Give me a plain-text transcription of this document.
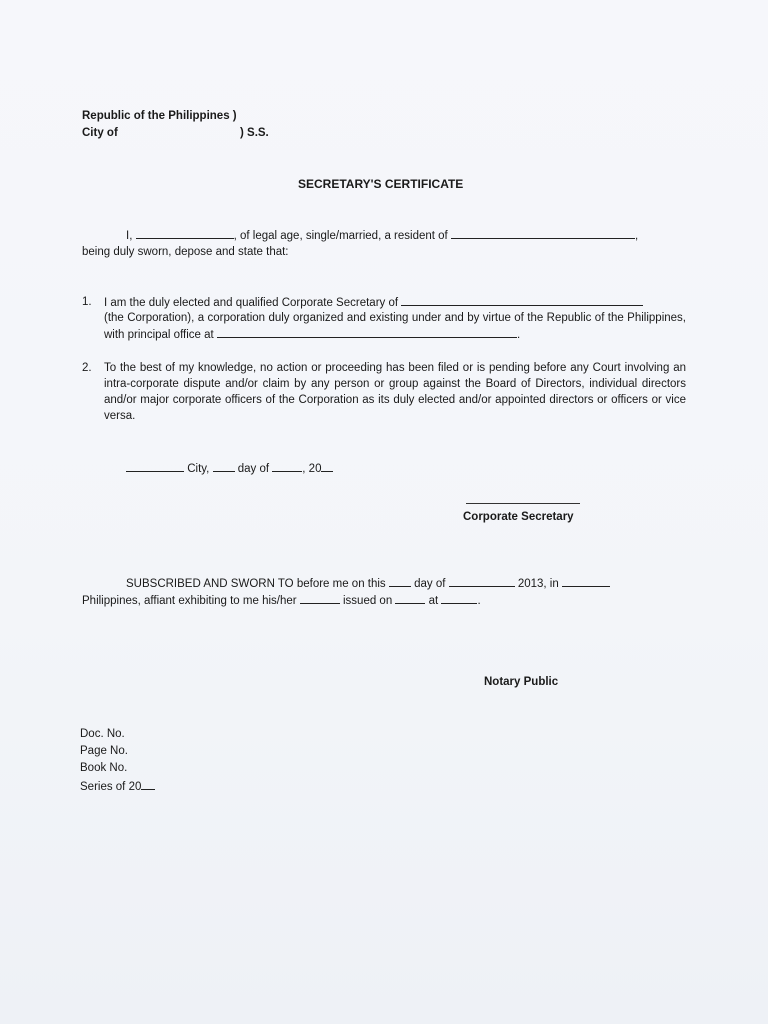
Republic of the Philippines )
City of	) S.S.
SECRETARY'S CERTIFICATE
I,	, of legal age, single/married, a resident of	,
being duly sworn, depose and state that:
1. I am the duly elected and qualified Corporate Secretary of
(the Corporation), a corporation duly organized and existing under and by virtue of the Republic of the Philippines, with principal office at	.
2. To the best of my knowledge, no action or proceeding has been filed or is pending before any Court involving an intra-corporate dispute and/or claim by any person or group against the Board of Directors, individual directors and/or major corporate officers of the Corporation as its duly elected and/or appointed directors or officers or vice versa.
City, day of	, 20
Corporate Secretary
SUBSCRIBED AND SWORN TO before me on this day of	2013, in
Philippines, affiant exhibiting to me his/her	issued on	at	.
Notary Public
Doc. No.
Page No.
Book No.
Series of 20
